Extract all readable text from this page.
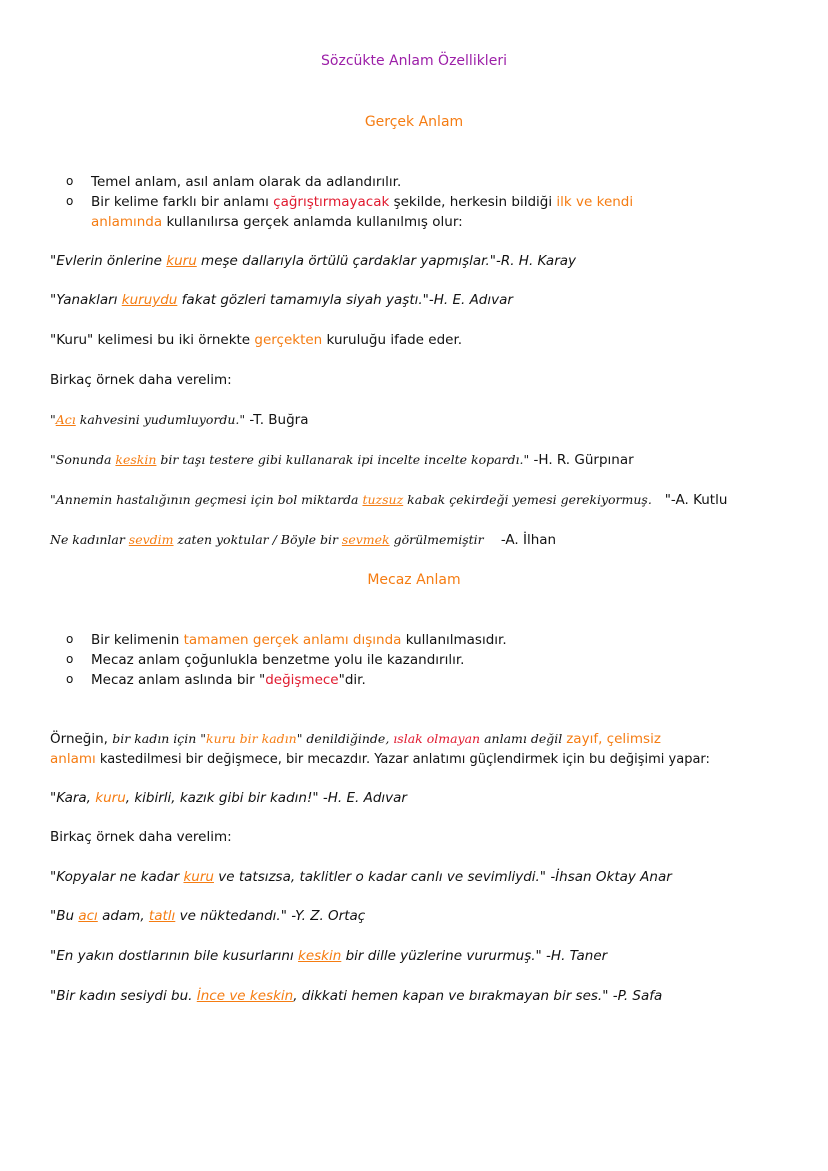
Sözcükte Anlam Özellikleri
Gerçek Anlam
o Temel anlam, asıl anlam olarak da adlandırılır.
o Bir kelime farklı bir anlamı çağrıştırmayacak şekilde, herkesin bildiği ilk ve kendi
anlamında kullanılırsa gerçek anlamda kullanılmış olur:
"Evlerin önlerine kuru meşe dallarıyla örtülü çardaklar yapmışlar."-R. H. Karay
"Yanakları kuruydu fakat gözleri tamamıyla siyah yaştı."-H. E. Adıvar
"Kuru" kelimesi bu iki örnekte gerçekten kuruluğu ifade eder.
Birkaç örnek daha verelim:
"Acı kahvesini yudumluyordu." -T. Buğra
"Sonunda keskin bir taşı testere gibi kullanarak ipi incelte incelte kopardı." -H. R. Gürpınar
"Annemin hastalığının geçmesi için bol miktarda tuzsuz kabak çekirdeği yemesi gerekiyormuş.   "-A. Kutlu
Ne kadınlar sevdim zaten yoktular / Böyle bir sevmek görülmemiştir    -A. İlhan
Mecaz Anlam
o Bir kelimenin tamamen gerçek anlamı dışında kullanılmasıdır.
o Mecaz anlam çoğunlukla benzetme yolu ile kazandırılır.
o Mecaz anlam aslında bir "değişmece"dir.
Örneğin, bir kadın için "kuru bir kadın" denildiğinde, ıslak olmayan anlamı değil zayıf, çelimsiz
anlamı kastedilmesi bir değişmece, bir mecazdır. Yazar anlatımı güçlendirmek için bu değişimi yapar:
"Kara, kuru, kibirli, kazık gibi bir kadın!" -H. E. Adıvar
Birkaç örnek daha verelim:
"Kopyalar ne kadar kuru ve tatsızsa, taklitler o kadar canlı ve sevimliydi." -İhsan Oktay Anar
"Bu acı adam, tatlı ve nüktedandı." -Y. Z. Ortaç
"En yakın dostlarının bile kusurlarını keskin bir dille yüzlerine vururmuş." -H. Taner
"Bir kadın sesiydi bu. İnce ve keskin, dikkati hemen kapan ve bırakmayan bir ses." -P. Safa
